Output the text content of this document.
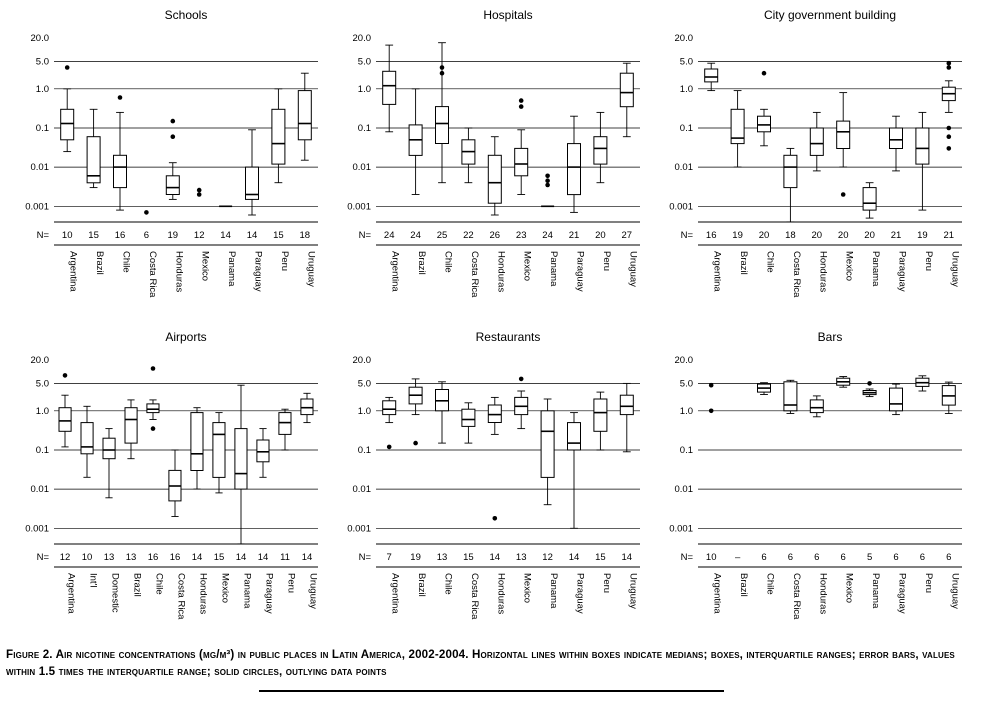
Schools
20.0
5.0
1.0
0.1
0.01
0.001
N= 10
Argentina
15
Brazil
16
Chile
6
Costa Rica
19
Honduras
12
Mexico
14
Panama
14
Paraguay
15
Peru
18
Uruguay
Hospitals
20.0
5.0
1.0
0.1
0.01
0.001
N= 24
Argentina
24
Brazil
25
Chile
22
Costa Rica
26
Honduras
23
Mexico
24
Panama
21
Paraguay
20
Peru
27
Uruguay
City government building
20.0
5.0
1.0
0.1
0.01
0.001
N= 16
Argentina
19
Brazil
20
Chile
18
Costa Rica
20
Honduras
20
Mexico
20
Panama
21
Paraguay
19
Peru
21
Uruguay
Airports
20.0
5.0
1.0
0.1
0.01
0.001
N= 12
Argentina
10
Int'l
13
Domestic
13
Brazil
16
Chile
16
Costa Rica
14
Honduras
15
Mexico
14
Panama
14
Paraguay
11
Peru
14
Uruguay
Restaurants
20.0
5.0
1.0
0.1
0.01
0.001
N= 7
Argentina
19
Brazil
13
Chile
15
Costa Rica
14
Honduras
13
Mexico
12
Panama
14
Paraguay
15
Peru
14
Uruguay
Bars
20.0
5.0
1.0
0.1
0.01
0.001
N= 10
Argentina
–
Brazil
6
Chile
6
Costa Rica
6
Honduras
6
Mexico
5
Panama
6
Paraguay
6
Peru
6
Uruguay

Figure 2. Air nicotine concentrations (µg/m³) in public places in Latin America, 2002-2004. Horizontal lines within boxes indicate medians; boxes, interquartile ranges; error bars, values within 1.5 times the interquartile range; solid circles, outlying data points
